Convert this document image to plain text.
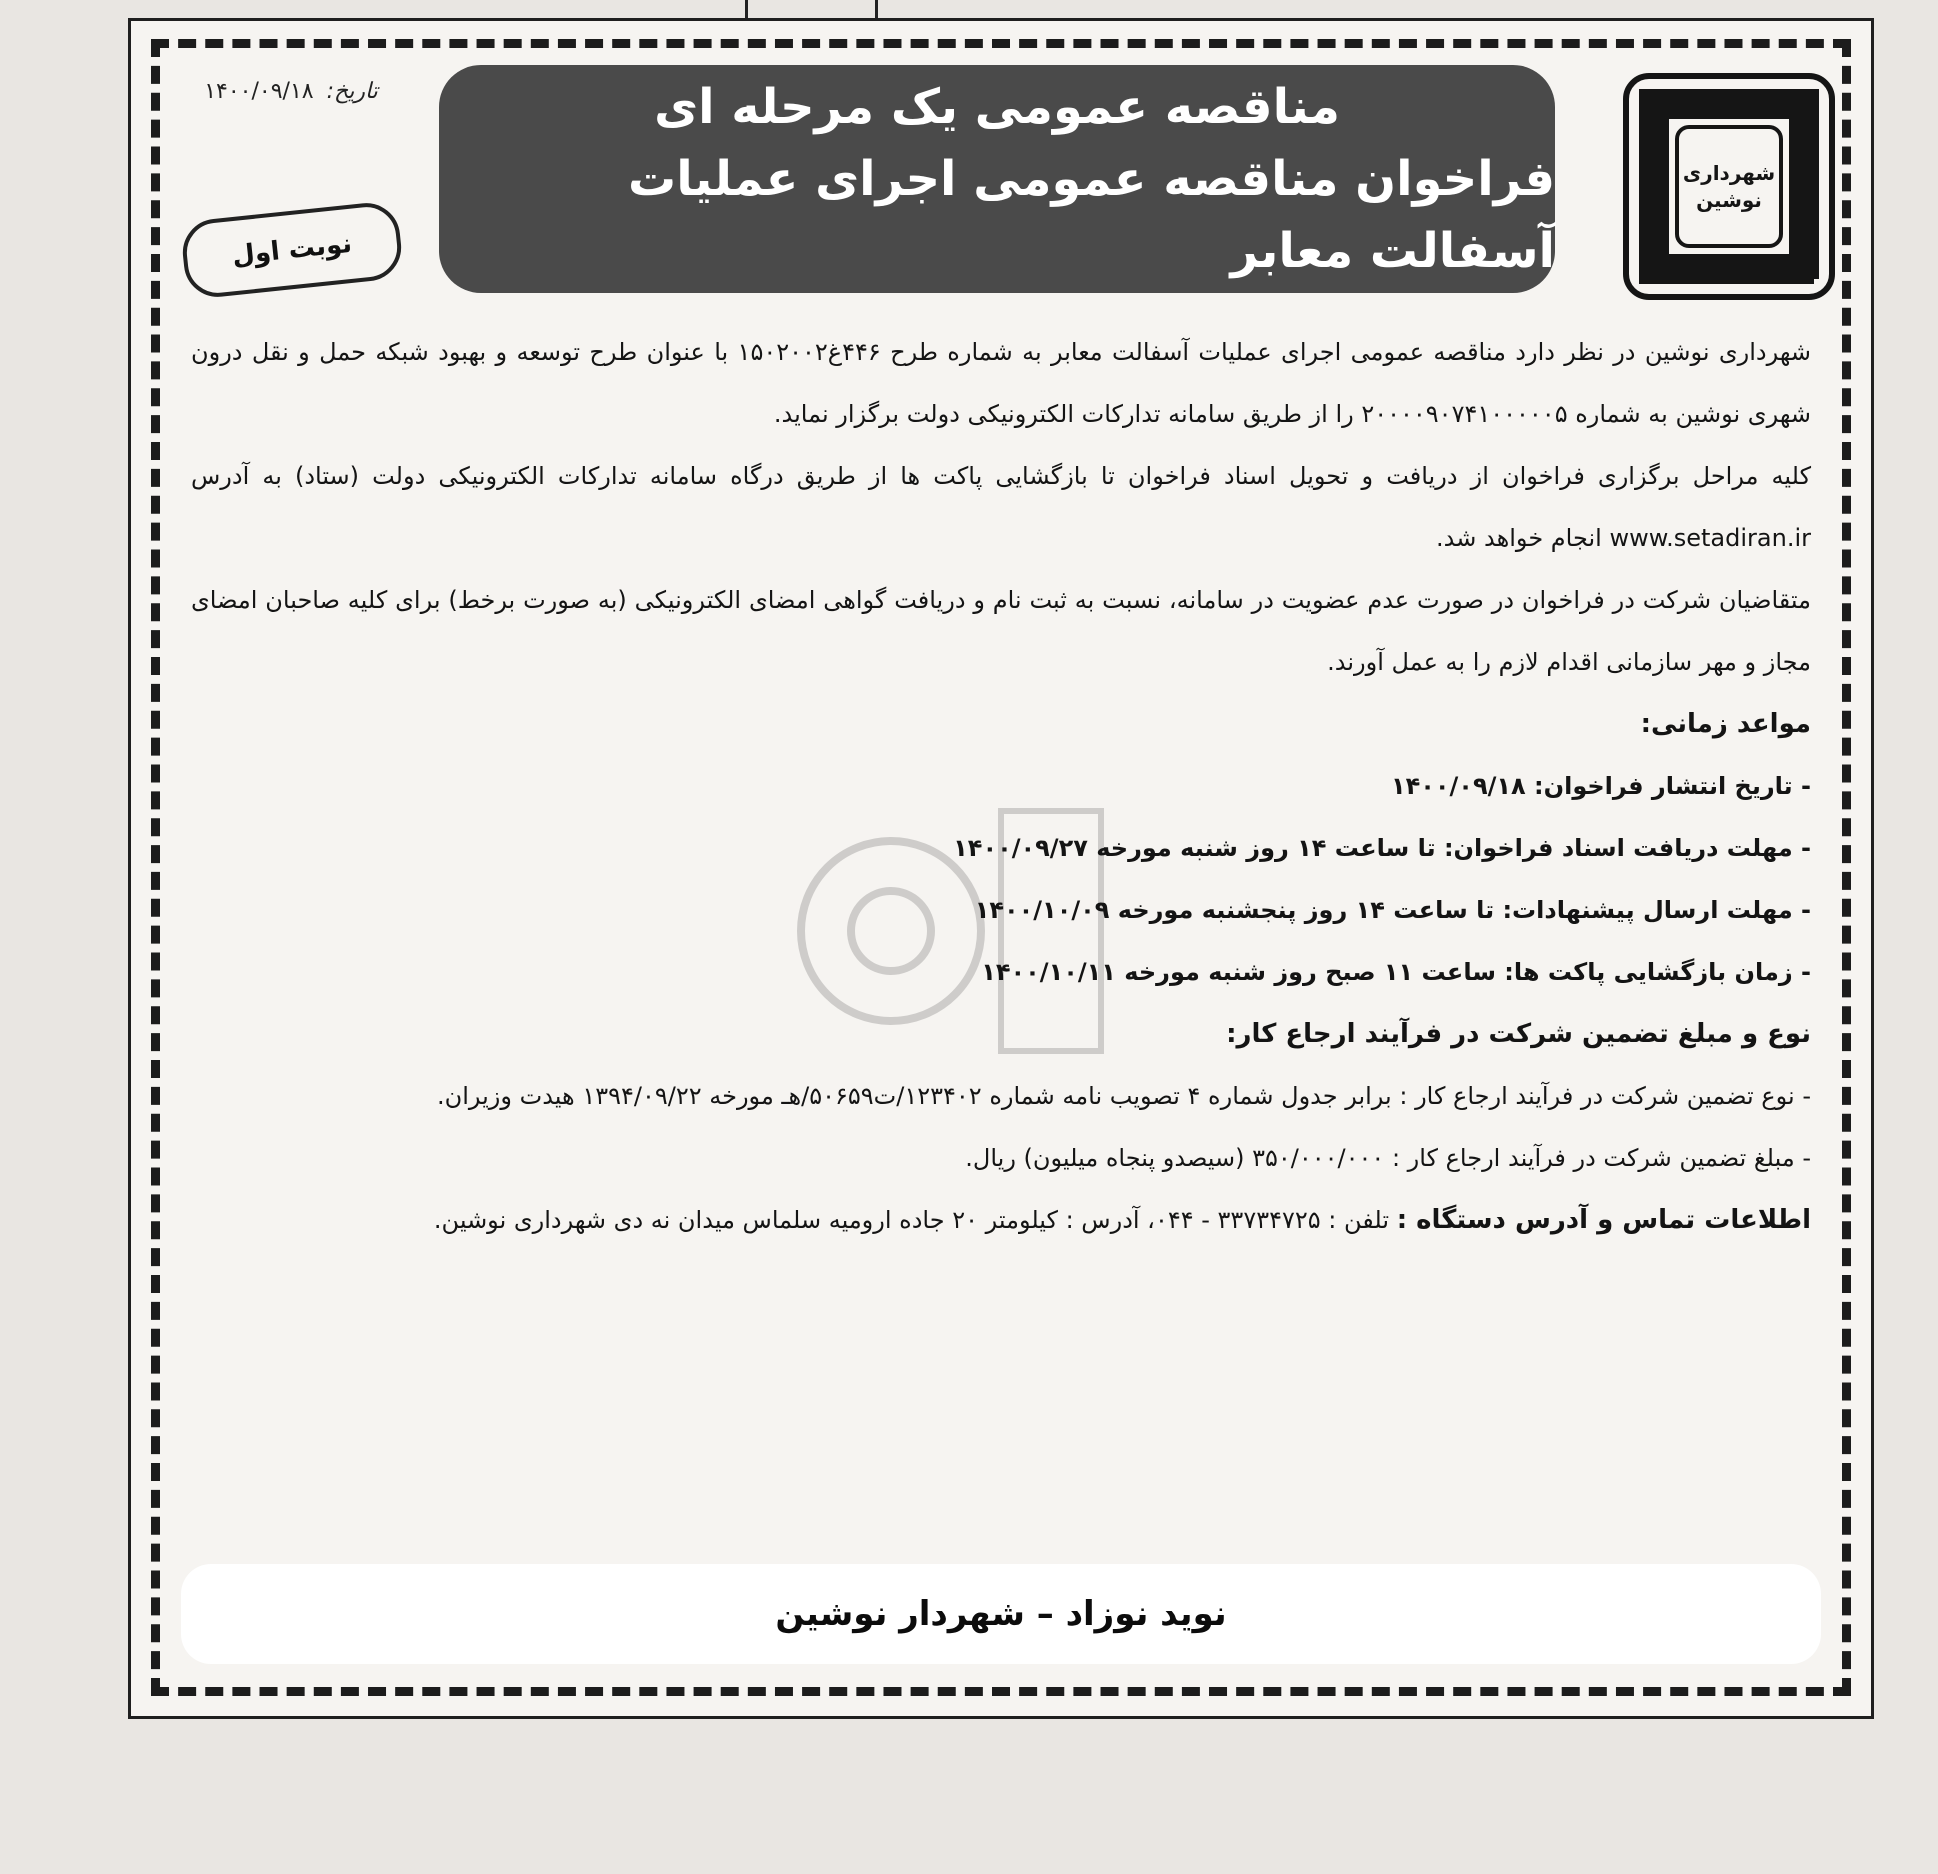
شهرداری
نوشین
مناقصه عمومی یک مرحله ای
فراخوان مناقصه عمومی اجرای عملیات آسفالت معابر
تاریخ: ۱۴۰۰/۰۹/۱۸
نوبت اول

شهرداری نوشین در نظر دارد مناقصه عمومی اجرای عملیات آسفالت معابر به شماره طرح ۴۴۶غ۱۵۰۲۰۰۲ با عنوان طرح توسعه و بهبود شبکه حمل و نقل درون شهری نوشین به شماره ۲۰۰۰۰۹۰۷۴۱۰۰۰۰۰۵ را از طریق سامانه تدارکات الکترونیکی دولت برگزار نماید.

کلیه مراحل برگزاری فراخوان از دریافت و تحویل اسناد فراخوان تا بازگشایی پاکت ها از طریق درگاه سامانه تدارکات الکترونیکی دولت (ستاد) به آدرس www.setadiran.ir انجام خواهد شد.

متقاضیان شرکت در فراخوان در صورت عدم عضویت در سامانه، نسبت به ثبت نام و دریافت گواهی امضای الکترونیکی (به صورت برخط) برای کلیه صاحبان امضای مجاز و مهر سازمانی اقدام لازم را به عمل آورند.

مواعد زمانی:

- تاریخ انتشار فراخوان: ۱۴۰۰/۰۹/۱۸

- مهلت دریافت اسناد فراخوان: تا ساعت ۱۴ روز شنبه مورخه ۱۴۰۰/۰۹/۲۷

- مهلت ارسال پیشنهادات: تا ساعت ۱۴ روز پنجشنبه مورخه ۱۴۰۰/۱۰/۰۹

- زمان بازگشایی پاکت ها: ساعت ۱۱ صبح روز شنبه مورخه ۱۴۰۰/۱۰/۱۱

نوع و مبلغ تضمین شرکت در فرآیند ارجاع کار:

- نوع تضمین شرکت در فرآیند ارجاع کار : برابر جدول شماره ۴ تصویب نامه شماره ۱۲۳۴۰۲/ت۵۰۶۵۹/هـ مورخه ۱۳۹۴/۰۹/۲۲ هیدت وزیران.

- مبلغ تضمین شرکت در فرآیند ارجاع کار : ۳۵۰/۰۰۰/۰۰۰ (سیصدو پنجاه میلیون) ریال.

اطلاعات تماس و آدرس دستگاه : تلفن : ۳۳۷۳۴۷۲۵ - ۰۴۴، آدرس : کیلومتر ۲۰ جاده ارومیه سلماس میدان نه دی شهرداری نوشین.

نوید نوزاد – شهردار نوشین
